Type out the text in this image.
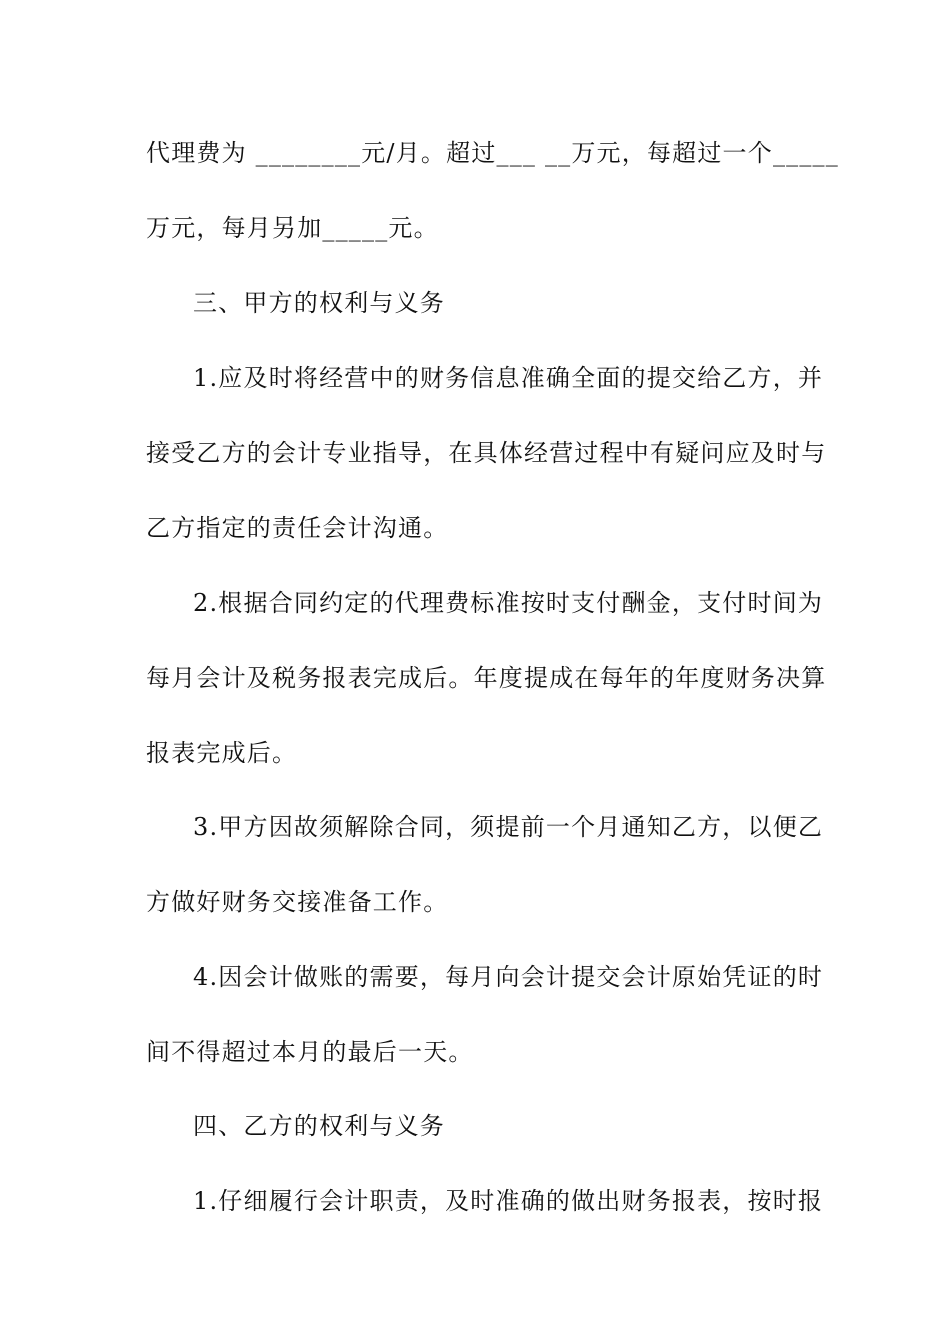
代理费为 ________元/月。超过___ __万元，每超过一个_____
万元，每月另加_____元。
三、甲方的权利与义务
1.应及时将经营中的财务信息准确全面的提交给乙方，并
接受乙方的会计专业指导，在具体经营过程中有疑问应及时与
乙方指定的责任会计沟通。
2.根据合同约定的代理费标准按时支付酬金，支付时间为
每月会计及税务报表完成后。年度提成在每年的年度财务决算
报表完成后。
3.甲方因故须解除合同，须提前一个月通知乙方，以便乙
方做好财务交接准备工作。
4.因会计做账的需要，每月向会计提交会计原始凭证的时
间不得超过本月的最后一天。
四、乙方的权利与义务
1.仔细履行会计职责，及时准确的做出财务报表，按时报
